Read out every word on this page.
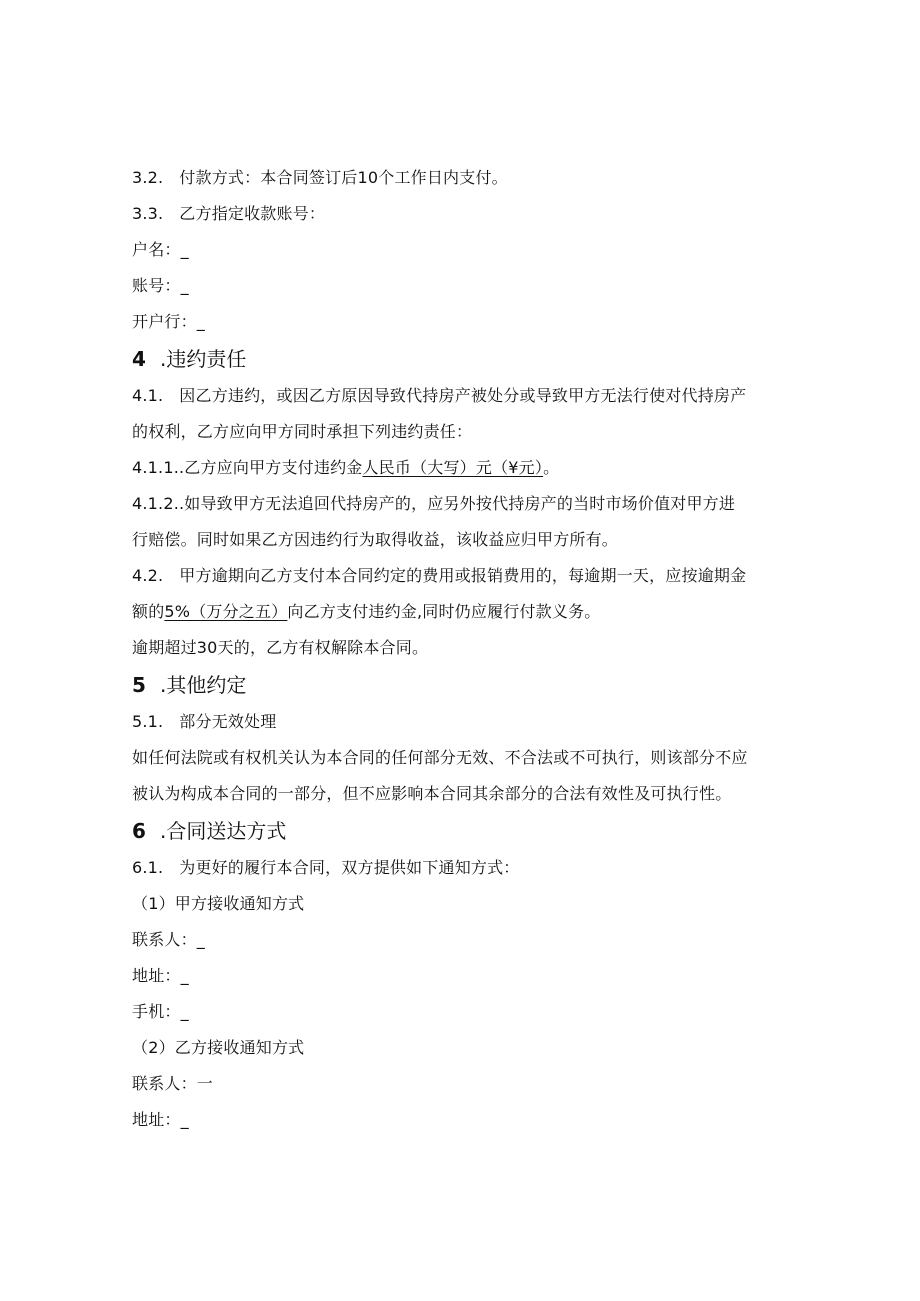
3.2. 付款方式：本合同签订后10个工作日内支付。
3.3. 乙方指定收款账号：
户名：_
账号：_
开户行：_
4 .违约责任
4.1. 因乙方违约，或因乙方原因导致代持房产被处分或导致甲方无法行使对代持房产
的权利，乙方应向甲方同时承担下列违约责任：
4.1.1..乙方应向甲方支付违约金人民币（大写）元（¥元）。
4.1.2..如导致甲方无法追回代持房产的，应另外按代持房产的当时市场价值对甲方进
行赔偿。同时如果乙方因违约行为取得收益，该收益应归甲方所有。
4.2. 甲方逾期向乙方支付本合同约定的费用或报销费用的，每逾期一天，应按逾期金
额的5%（万分之五）向乙方支付违约金,同时仍应履行付款义务。
逾期超过30天的，乙方有权解除本合同。
5 .其他约定
5.1. 部分无效处理
如任何法院或有权机关认为本合同的任何部分无效、不合法或不可执行，则该部分不应
被认为构成本合同的一部分，但不应影响本合同其余部分的合法有效性及可执行性。
6 .合同送达方式
6.1. 为更好的履行本合同，双方提供如下通知方式：
（1）甲方接收通知方式
联系人：_
地址：_
手机：_
（2）乙方接收通知方式
联系人：一
地址：_
